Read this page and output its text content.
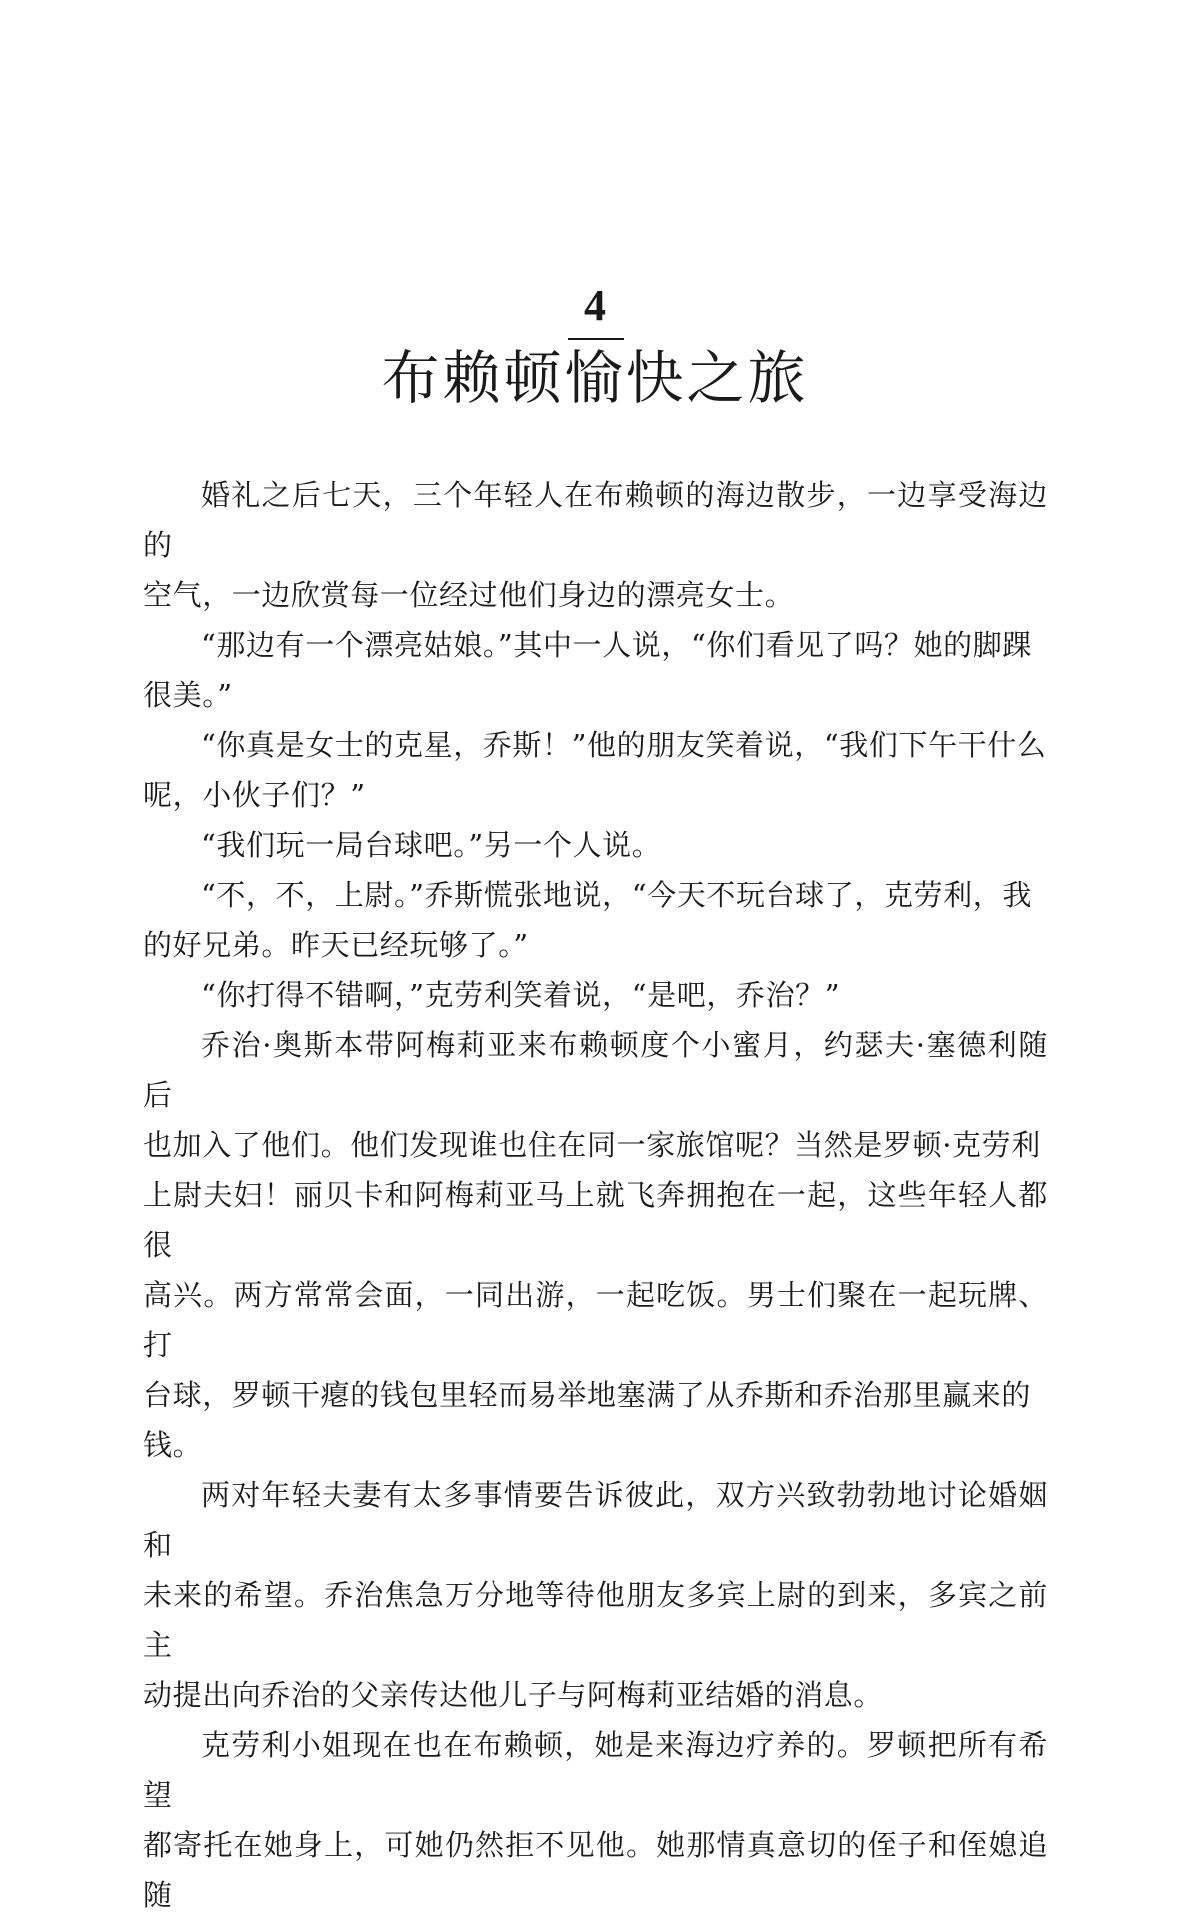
4
布赖顿愉快之旅

婚礼之后七天，三个年轻人在布赖顿的海边散步，一边享受海边的
空气，一边欣赏每一位经过他们身边的漂亮女士。

“那边有一个漂亮姑娘。”其中一人说，“你们看见了吗？她的脚踝
很美。”

“你真是女士的克星，乔斯！”他的朋友笑着说，“我们下午干什么
呢，小伙子们？”

“我们玩一局台球吧。”另一个人说。

“不，不，上尉。”乔斯慌张地说，“今天不玩台球了，克劳利，我
的好兄弟。昨天已经玩够了。”

“你打得不错啊，”克劳利笑着说，“是吧，乔治？”

乔治·奥斯本带阿梅莉亚来布赖顿度个小蜜月，约瑟夫·塞德利随后
也加入了他们。他们发现谁也住在同一家旅馆呢？当然是罗顿·克劳利
上尉夫妇！丽贝卡和阿梅莉亚马上就飞奔拥抱在一起，这些年轻人都很
高兴。两方常常会面，一同出游，一起吃饭。男士们聚在一起玩牌、打
台球，罗顿干瘪的钱包里轻而易举地塞满了从乔斯和乔治那里赢来的
钱。

两对年轻夫妻有太多事情要告诉彼此，双方兴致勃勃地讨论婚姻和
未来的希望。乔治焦急万分地等待他朋友多宾上尉的到来，多宾之前主
动提出向乔治的父亲传达他儿子与阿梅莉亚结婚的消息。

克劳利小姐现在也在布赖顿，她是来海边疗养的。罗顿把所有希望
都寄托在她身上，可她仍然拒不见他。她那情真意切的侄子和侄媳追随
